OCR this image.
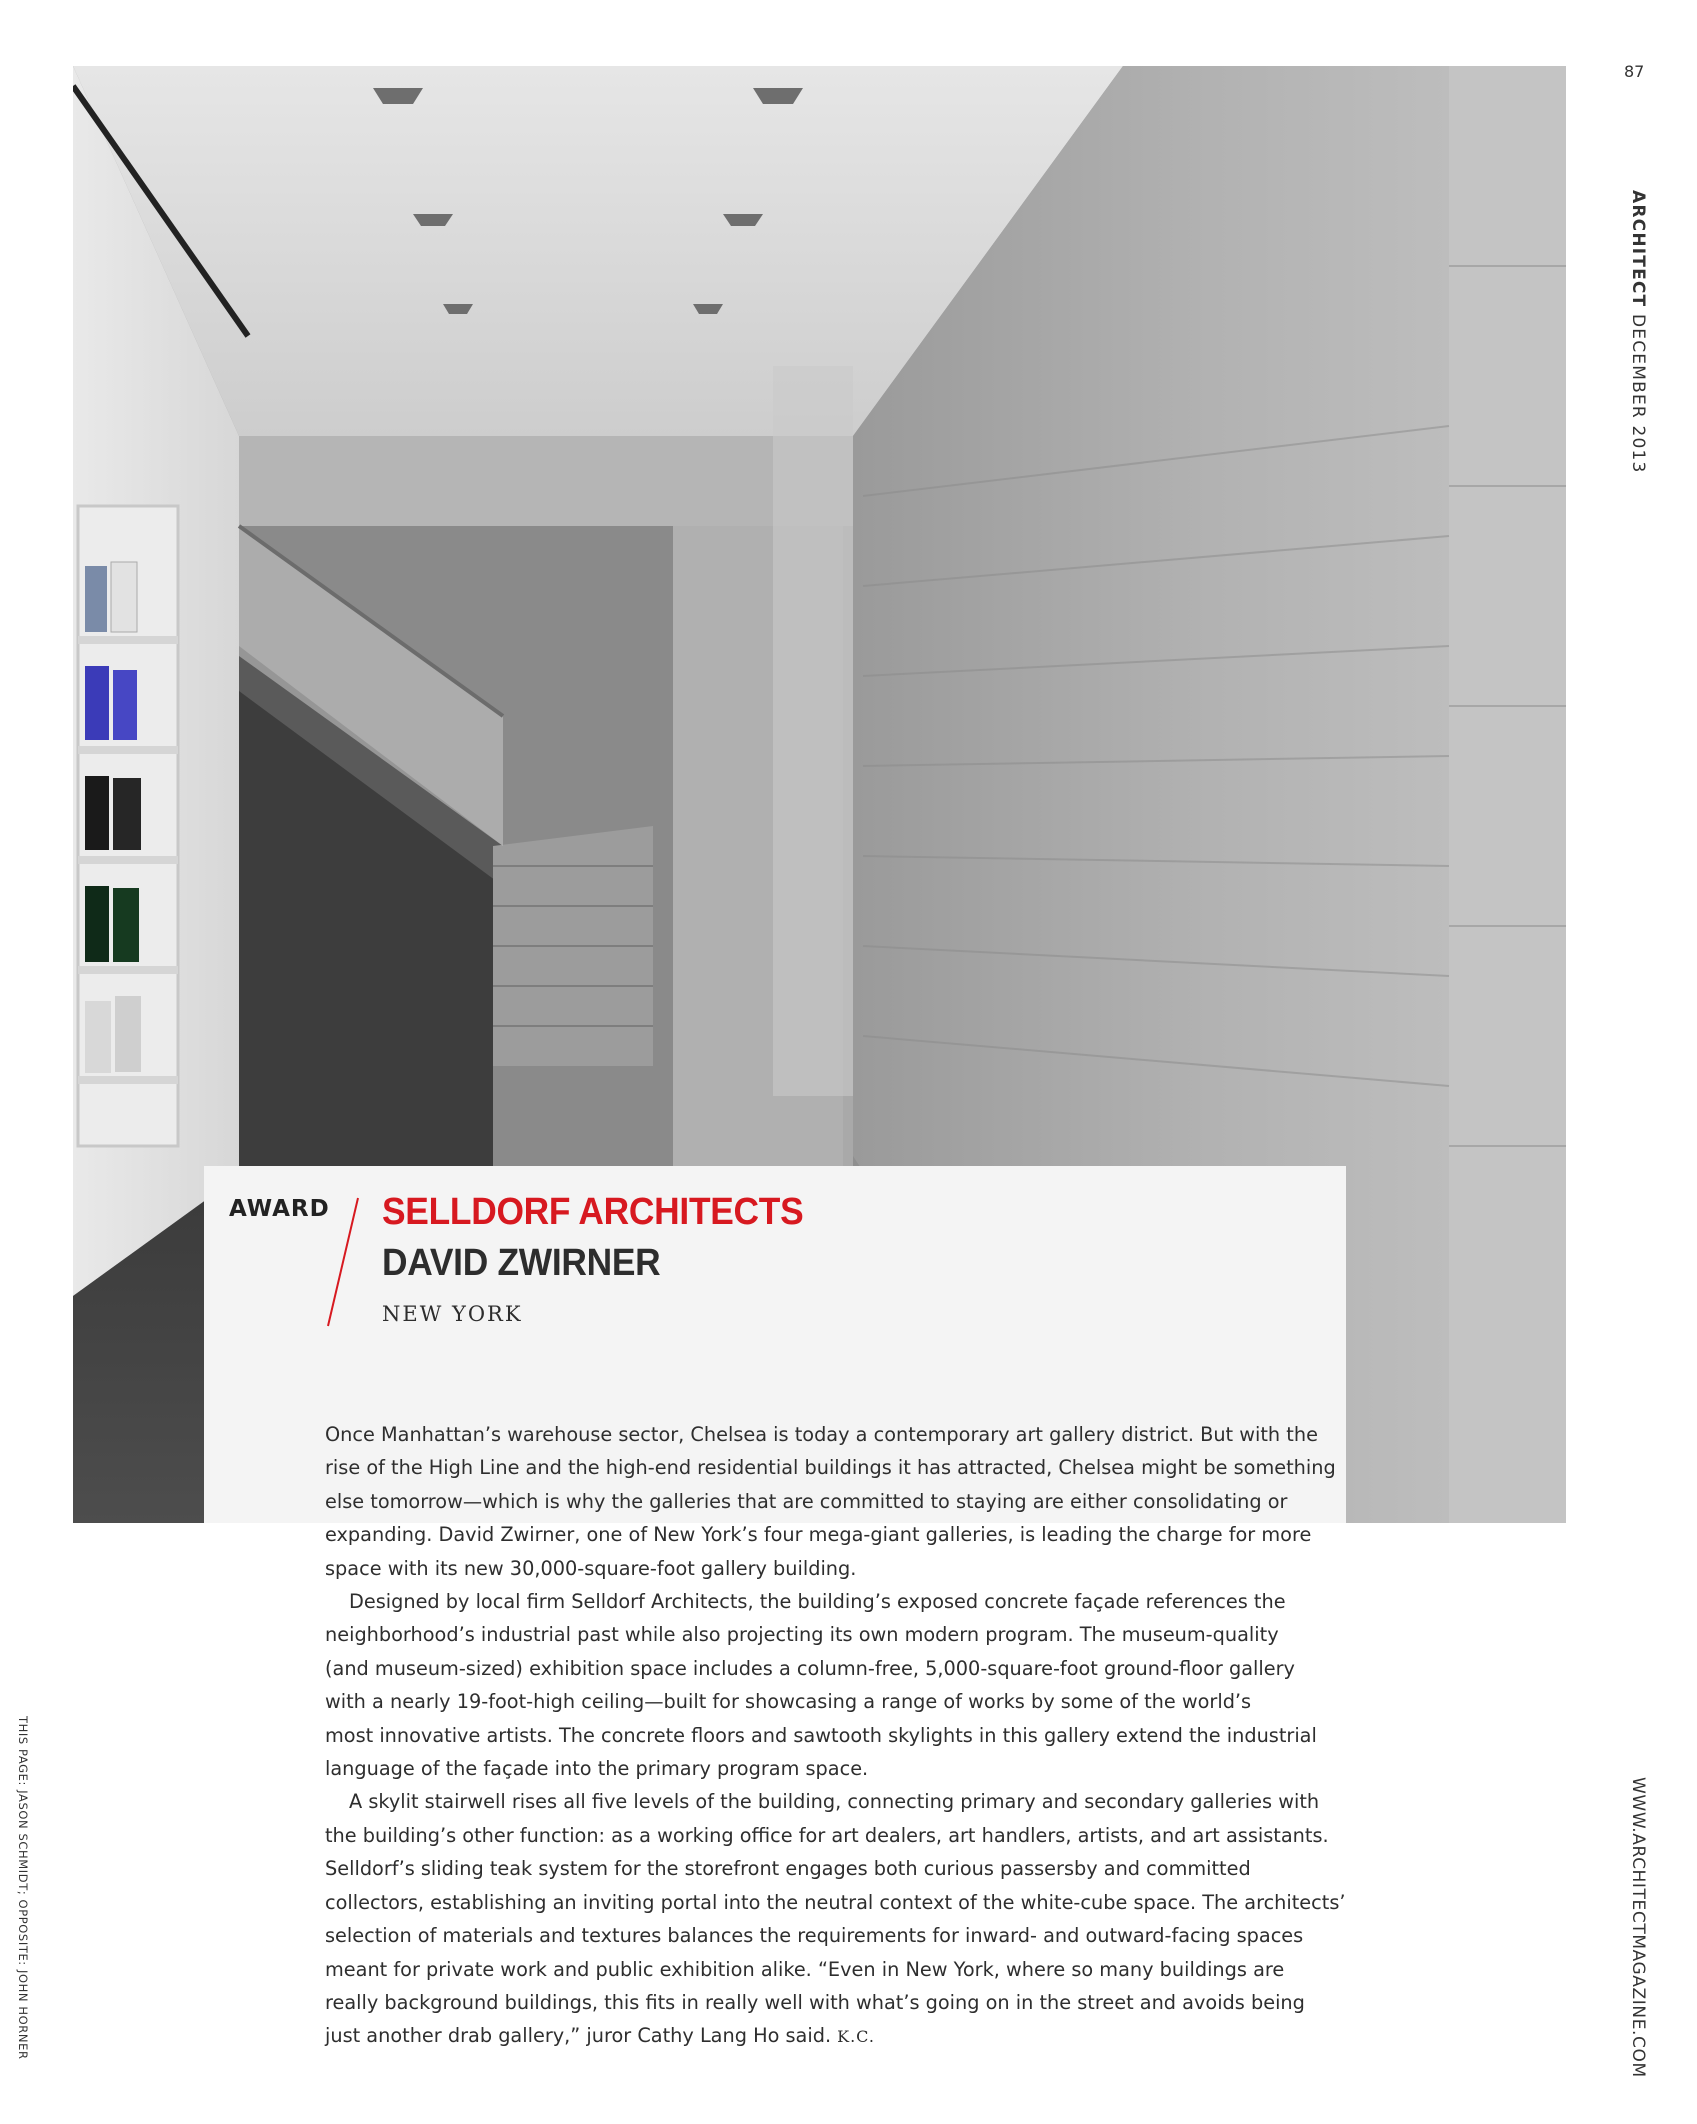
AWARD SELLDORF ARCHITECTS
DAVID ZWIRNER
NEW YORK

Once Manhattan’s warehouse sector, Chelsea is today a contemporary art gallery district. But with the

rise of the High Line and the high-end residential buildings it has attracted, Chelsea might be something

else tomorrow—which is why the galleries that are committed to staying are either consolidating or

expanding. David Zwirner, one of New York’s four mega-giant galleries, is leading the charge for more

space with its new 30,000-square-foot gallery building.

Designed by local firm Selldorf Architects, the building’s exposed concrete façade references the

neighborhood’s industrial past while also projecting its own modern program. The museum-quality

(and museum-sized) exhibition space includes a column-free, 5,000-square-foot ground-floor gallery

with a nearly 19-foot-high ceiling—built for showcasing a range of works by some of the world’s

most innovative artists. The concrete floors and sawtooth skylights in this gallery extend the industrial

language of the façade into the primary program space.

A skylit stairwell rises all five levels of the building, connecting primary and secondary galleries with

the building’s other function: as a working office for art dealers, art handlers, artists, and art assistants.

Selldorf’s sliding teak system for the storefront engages both curious passersby and committed

collectors, establishing an inviting portal into the neutral context of the white-cube space. The architects’

selection of materials and textures balances the requirements for inward- and outward-facing spaces

meant for private work and public exhibition alike. “Even in New York, where so many buildings are

really background buildings, this fits in really well with what’s going on in the street and avoids being

just another drab gallery,” juror Cathy Lang Ho said. K.C.

87
ARCHITECT DECEMBER 2013
WWW.ARCHITECTMAGAZINE.COM
THIS PAGE: JASON SCHMIDT; OPPOSITE: JOHN HORNER
